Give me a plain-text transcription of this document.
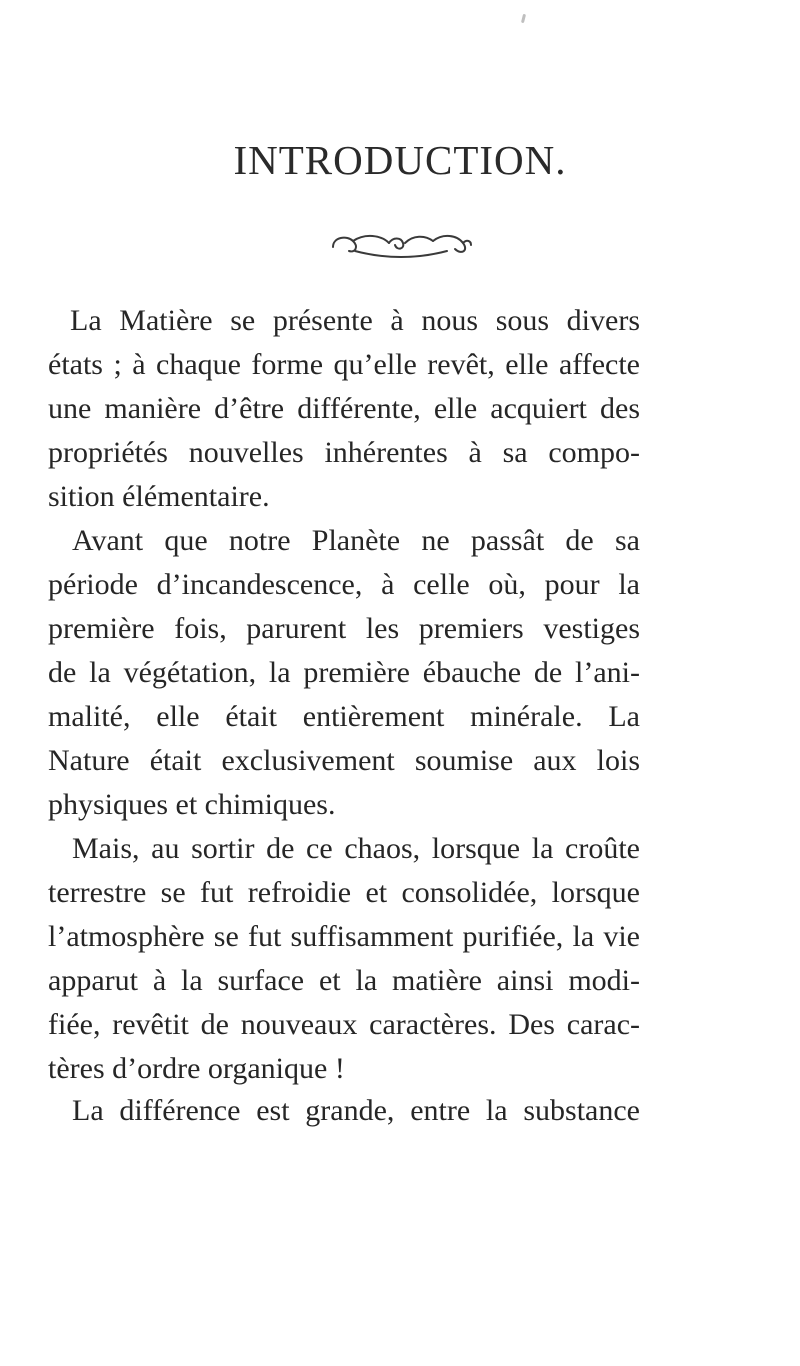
INTRODUCTION.
La Matière se présente à nous sous divers
états ; à chaque forme qu’elle revêt, elle affecte
une manière d’être différente, elle acquiert des
propriétés nouvelles inhérentes à sa compo-
sition élémentaire.
Avant que notre Planète ne passât de sa
période d’incandescence, à celle où, pour la
première fois, parurent les premiers vestiges
de la végétation, la première ébauche de l’ani-
malité, elle était entièrement minérale. La
Nature était exclusivement soumise aux lois
physiques et chimiques.
Mais, au sortir de ce chaos, lorsque la croûte
terrestre se fut refroidie et consolidée, lorsque
l’atmosphère se fut suffisamment purifiée, la vie
apparut à la surface et la matière ainsi modi-
fiée, revêtit de nouveaux caractères. Des carac-
tères d’ordre organique !
La différence est grande, entre la substance
